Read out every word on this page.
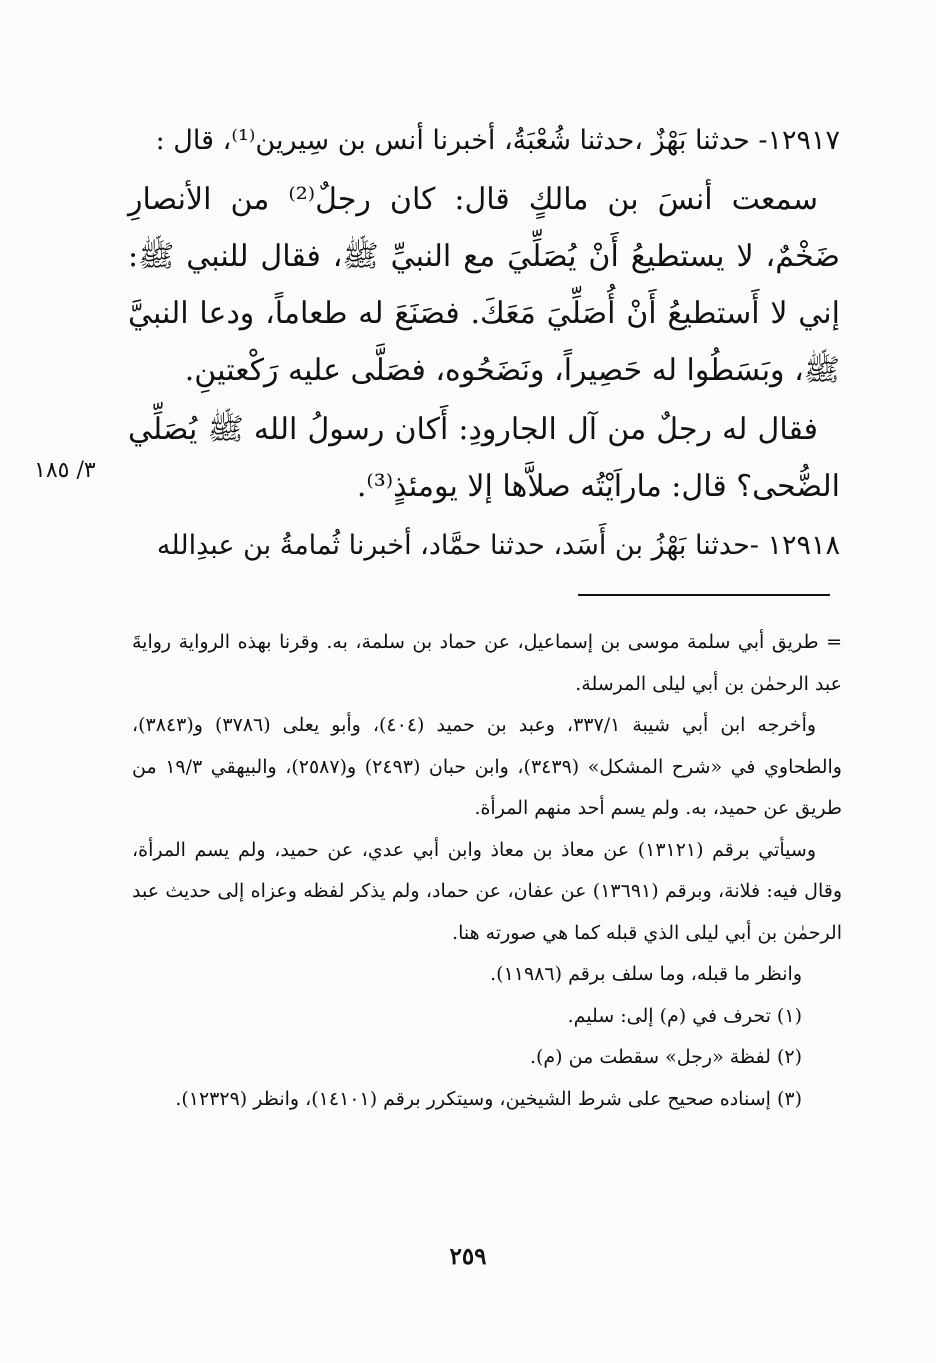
١٢٩١٧- حدثنا بَهْزٌ ،حدثنا شُعْبَةُ، أخبرنا أنس بن سِيرين⁽¹⁾، قال :

سمعت أنسَ بن مالكٍ قال: كان رجلٌ⁽²⁾ من الأنصارِ ضَخْمٌ، لا يستطيعُ أَنْ يُصَلِّيَ مع النبيِّ ﷺ، فقال للنبي ﷺ: إني لا أَستطيعُ أَنْ أُصَلِّيَ مَعَكَ. فصَنَعَ له طعاماً، ودعا النبيَّ ﷺ، وبَسَطُوا له حَصِيراً، ونَضَحُوه، فصَلَّى عليه رَكْعتينِ.

فقال له رجلٌ من آل الجارودِ: أَكان رسولُ الله ﷺ يُصَلِّي الضُّحى؟ قال: ماراَيْتُه صلاَّها إلا يومئذٍ⁽³⁾.

١٢٩١٨ -حدثنا بَهْزُ بن أَسَد، حدثنا حمَّاد، أخبرنا ثُمامةُ بن عبدِالله

٣/ ١٨٥

= طريق أبي سلمة موسى بن إسماعيل، عن حماد بن سلمة، به. وقرنا بهذه الرواية روايةَ عبد الرحمٰن بن أبي ليلى المرسلة.

وأخرجه ابن أبي شيبة ٣٣٧/١، وعبد بن حميد (٤٠٤)، وأبو يعلى (٣٧٨٦) و(٣٨٤٣)، والطحاوي في «شرح المشكل» (٣٤٣٩)، وابن حبان (٢٤٩٣) و(٢٥٨٧)، والبيهقي ١٩/٣ من طريق عن حميد، به. ولم يسم أحد منهم المرأة.

وسيأتي برقم (١٣١٢١) عن معاذ بن معاذ وابن أبي عدي، عن حميد، ولم يسم المرأة، وقال فيه: فلانة، وبرقم (١٣٦٩١) عن عفان، عن حماد، ولم يذكر لفظه وعزاه إلى حديث عبد الرحمٰن بن أبي ليلى الذي قبله كما هي صورته هنا.

وانظر ما قبله، وما سلف برقم (١١٩٨٦).

(١) تحرف في (م) إلى: سليم.

(٢) لفظة «رجل» سقطت من (م).

(٣) إسناده صحيح على شرط الشيخين، وسيتكرر برقم (١٤١٠١)، وانظر (١٢٣٢٩).

٢٥٩
